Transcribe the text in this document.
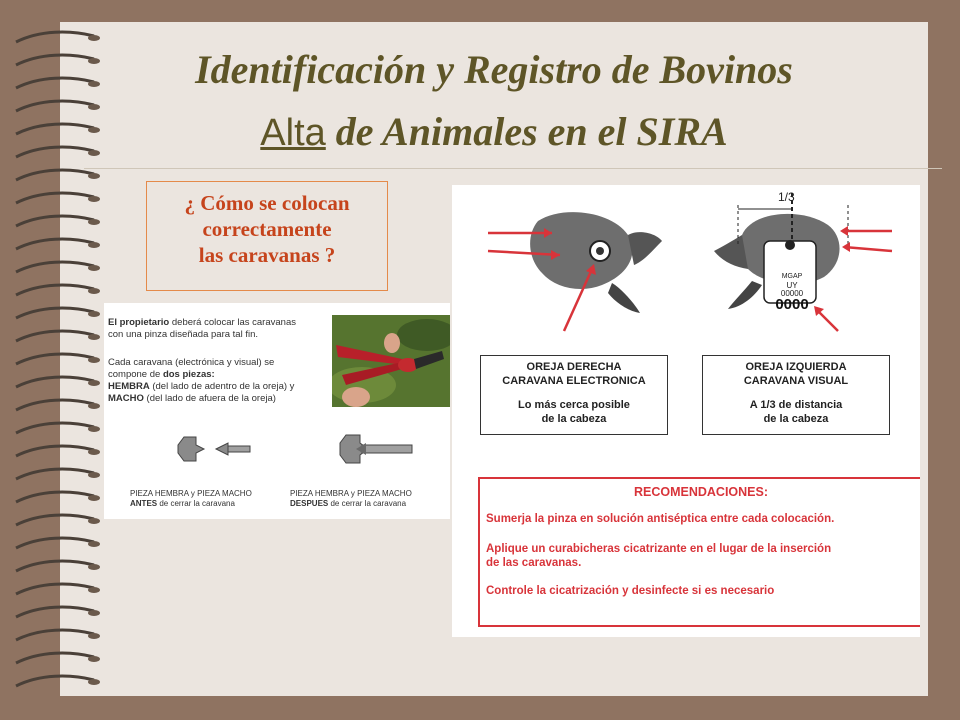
Identificación y Registro de Bovinos
Alta de Animales en el SIRA
¿ Cómo se colocan
correctamente
las caravanas ?
El propietario deberá colocar las caravanas
con una pinza diseñada para tal fin.
Cada caravana (electrónica y visual) se
compone de dos piezas:
HEMBRA (del lado de adentro de la oreja) y
MACHO (del lado de afuera de la oreja)
PIEZA HEMBRA y PIEZA MACHO
ANTES de cerrar la caravana
PIEZA HEMBRA y PIEZA MACHO
DESPUES de cerrar la caravana
1/3
MGAP
UY
00000
0000
OREJA DERECHA
CARAVANA ELECTRONICA
Lo más cerca posible
de la cabeza
OREJA IZQUIERDA
CARAVANA VISUAL
A 1/3 de distancia
de la cabeza
RECOMENDACIONES:
Sumerja la pinza en solución antiséptica entre cada colocación.
Aplique un curabicheras cicatrizante en el lugar de la inserción
de las caravanas.
Controle la cicatrización y desinfecte si es necesario
